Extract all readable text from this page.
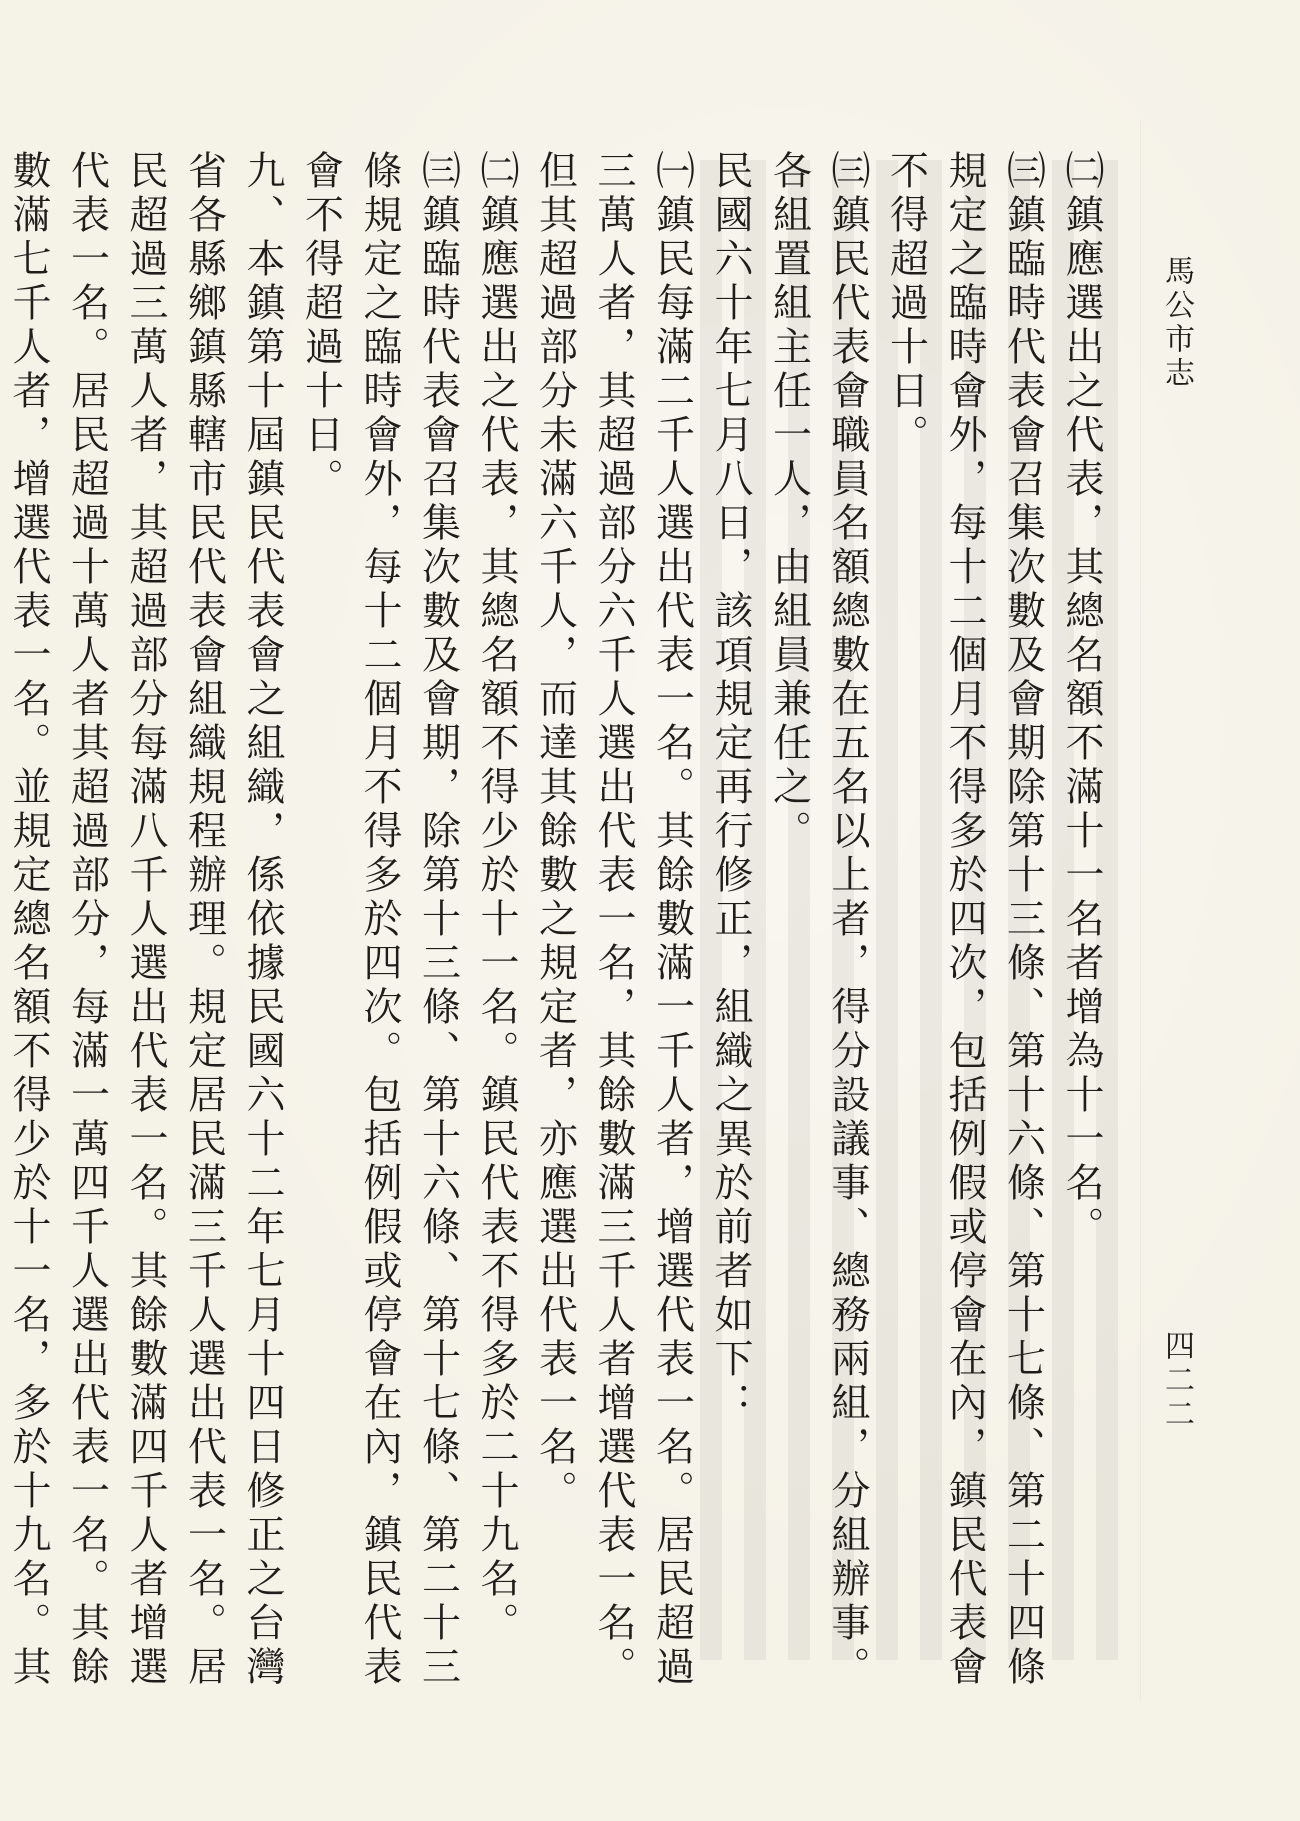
馬公市志
四二二

㈡鎮應選出之代表，其總名額不滿十一名者增為十一名。

㈢鎮臨時代表會召集次數及會期除第十三條、第十六條、第十七條、第二十四條規定之臨時會外，每十二個月不得多於四次，包括例假或停會在內，鎮民代表會不得超過十日。

㈢鎮民代表會職員名額總數在五名以上者，得分設議事、總務兩組，分組辦事。各組置組主任一人，由組員兼任之。

民國六十年七月八日，該項規定再行修正，組織之異於前者如下：

㈠鎮民每滿二千人選出代表一名。其餘數滿一千人者，增選代表一名。居民超過三萬人者，其超過部分六千人選出代表一名，其餘數滿三千人者增選代表一名。但其超過部分未滿六千人，而達其餘數之規定者，亦應選出代表一名。

㈡鎮應選出之代表，其總名額不得少於十一名。鎮民代表不得多於二十九名。

㈢鎮臨時代表會召集次數及會期，除第十三條、第十六條、第十七條、第二十三條規定之臨時會外，每十二個月不得多於四次。包括例假或停會在內，鎮民代表會不得超過十日。

九、本鎮第十屆鎮民代表會之組織，係依據民國六十二年七月十四日修正之台灣省各縣鄉鎮縣轄市民代表會組織規程辦理。規定居民滿三千人選出代表一名。居民超過三萬人者，其超過部分每滿八千人選出代表一名。其餘數滿四千人者增選代表一名。居民超過十萬人者其超過部分，每滿一萬四千人選出代表一名。其餘數滿七千人者，增選代表一名。並規定總名額不得少於十一名，多於十九名。其
